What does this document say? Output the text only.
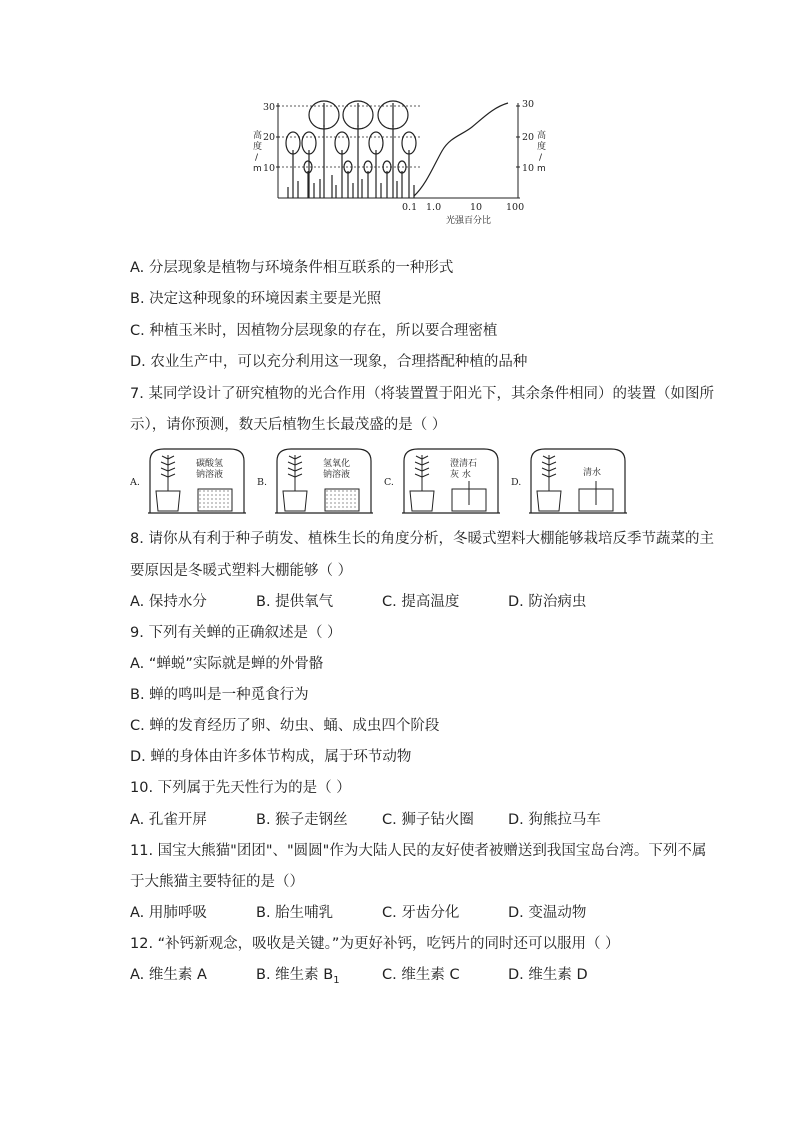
30
20
10
高
度
/
m
30
20
10
高
度
/
m
0.1 1.0	10	100
光强百分比
A. 分层现象是植物与环境条件相互联系的一种形式
B. 决定这种现象的环境因素主要是光照
C. 种植玉米时，因植物分层现象的存在，所以要合理密植
D. 农业生产中，可以充分利用这一现象，合理搭配种植的品种
7. 某同学设计了研究植物的光合作用（将装置置于阳光下，其余条件相同）的装置（如图所
示），请你预测，数天后植物生长最茂盛的是（ ）
A.
碳酸氢
钠溶液
B.
氢氧化
钠溶液
C.
澄清石
灰 水
D.
清水
8. 请你从有利于种子萌发、植株生长的角度分析，冬暖式塑料大棚能够栽培反季节蔬菜的主
要原因是冬暖式塑料大棚能够（ ）
A. 保持水分	B. 提供氧气	C. 提高温度	D. 防治病虫
9. 下列有关蝉的正确叙述是（ ）
A. “蝉蜕”实际就是蝉的外骨骼
B. 蝉的鸣叫是一种觅食行为
C. 蝉的发育经历了卵、幼虫、蛹、成虫四个阶段
D. 蝉的身体由许多体节构成，属于环节动物
10. 下列属于先天性行为的是（ ）
A. 孔雀开屏	B. 猴子走钢丝 C. 狮子钻火圈 D. 狗熊拉马车
11. 国宝大熊猫"团团"、"圆圆"作为大陆人民的友好使者被赠送到我国宝岛台湾。下列不属
于大熊猫主要特征的是（）
A. 用肺呼吸	B. 胎生哺乳	C. 牙齿分化	D. 变温动物
12. “补钙新观念，吸收是关键。”为更好补钙，吃钙片的同时还可以服用（ ）
A. 维生素 A	B. 维生素 $B_1$	C. 维生素 C	D. 维生素 D
